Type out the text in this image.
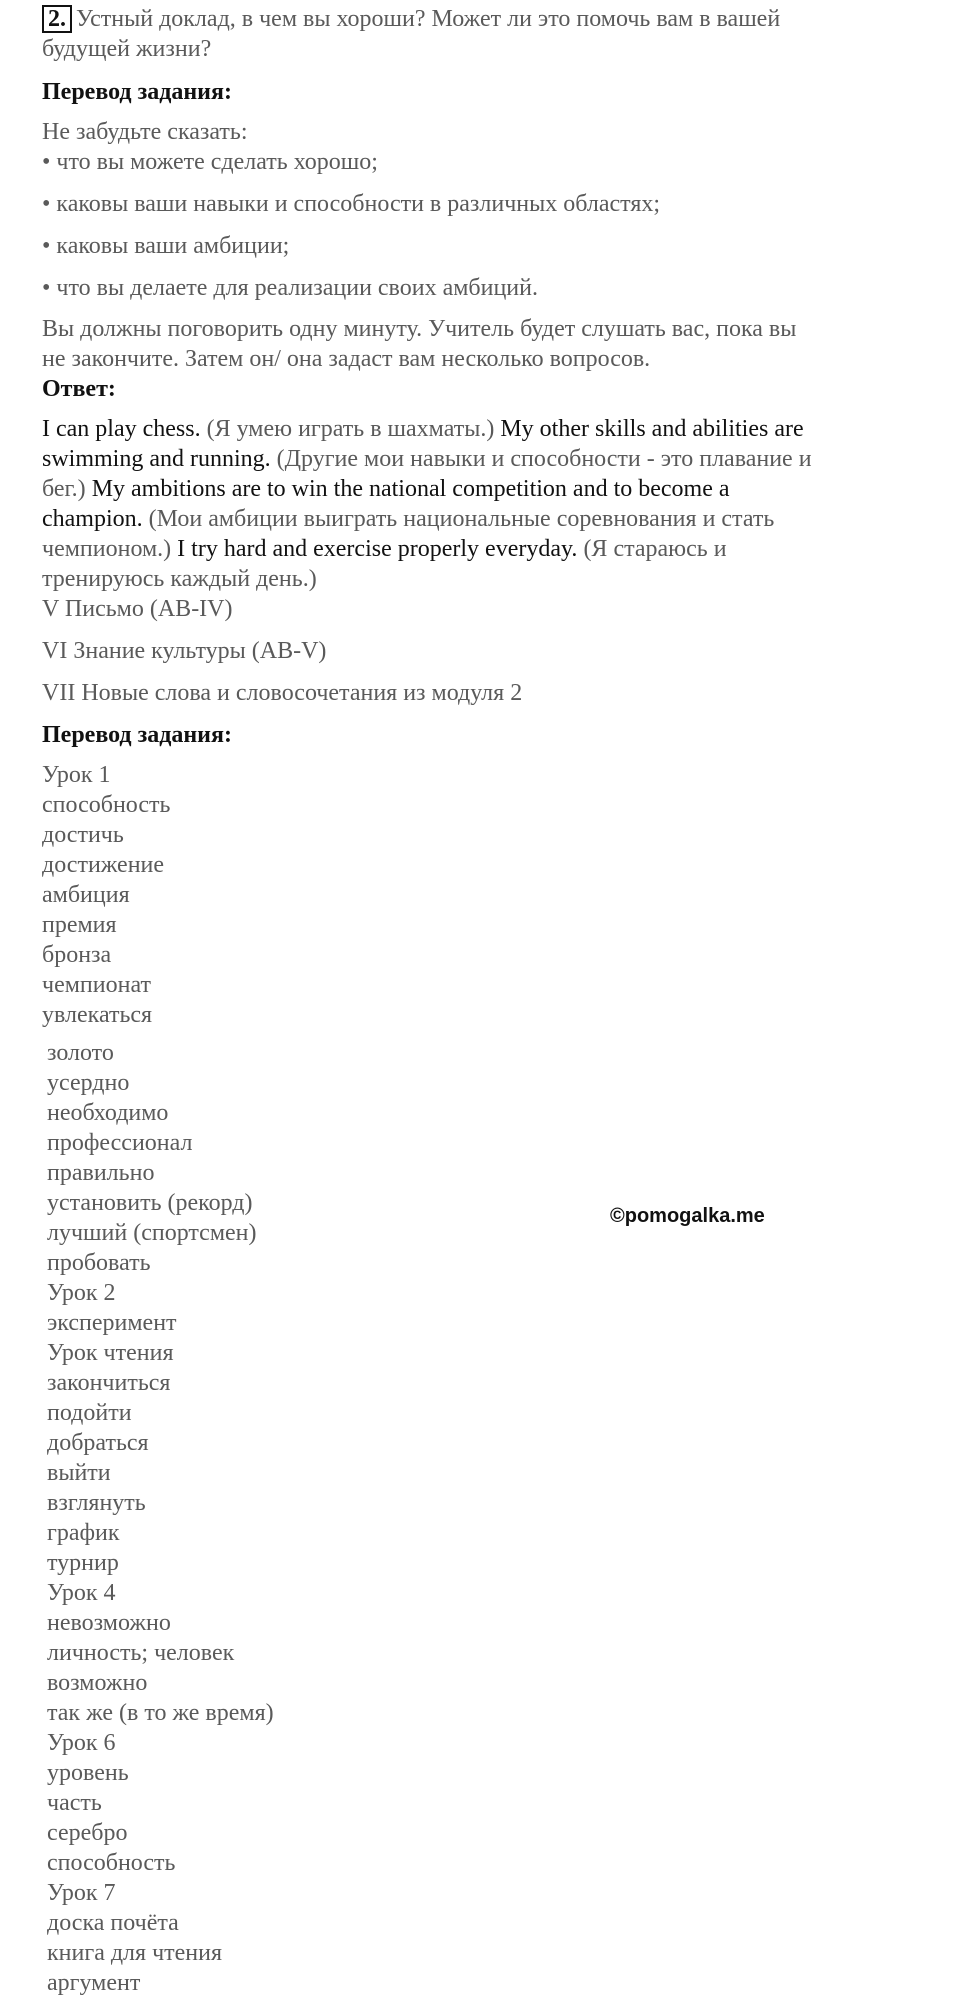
2. Устный доклад, в чем вы хороши? Может ли это помочь вам в вашей
будущей жизни?
Перевод задания:
Не забудьте сказать:
• что вы можете сделать хорошо;
• каковы ваши навыки и способности в различных областях;
• каковы ваши амбиции;
• что вы делаете для реализации своих амбиций.
Вы должны поговорить одну минуту. Учитель будет слушать вас, пока вы
не закончите. Затем он/ она задаст вам несколько вопросов.
Ответ:
I can play chess. (Я умею играть в шахматы.) My other skills and abilities are
swimming and running. (Другие мои навыки и способности - это плавание и
бег.) My ambitions are to win the national competition and to become a
champion. (Мои амбиции выиграть национальные соревнования и стать
чемпионом.) I try hard and exercise properly everyday. (Я стараюсь и
тренируюсь каждый день.)
V Письмо (AB-IV)
VI Знание культуры (AB-V)
VII Новые слова и словосочетания из модуля 2
Перевод задания:
Урок 1
способность
достичь
достижение
амбиция
премия
бронза
чемпионат
увлекаться
золото
усердно
необходимо
профессионал
правильно
установить (рекорд)
лучший (спортсмен)
пробовать
Урок 2
эксперимент
Урок чтения
закончиться
подойти
добраться
выйти
взглянуть
график
турнир
Урок 4
невозможно
личность; человек
возможно
так же (в то же время)
Урок 6
уровень
часть
серебро
способность
Урок 7
доска почёта
книга для чтения
аргумент
©pomogalka.me
